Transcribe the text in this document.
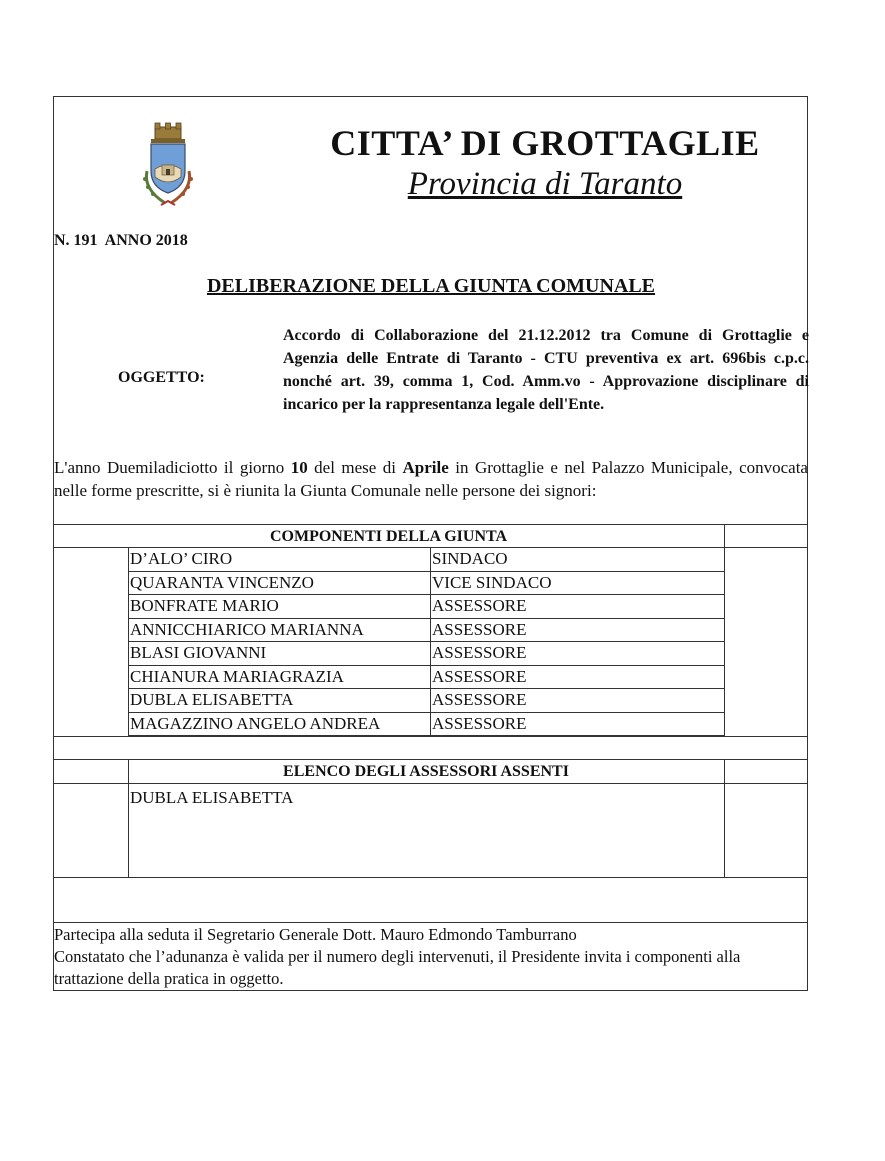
CITTA’ DI GROTTAGLIE
Provincia di Taranto
N. 191  ANNO 2018
DELIBERAZIONE DELLA GIUNTA COMUNALE
OGGETTO:
Accordo di Collaborazione del 21.12.2012 tra Comune di Grottaglie e Agenzia delle Entrate di Taranto - CTU preventiva ex art. 696bis c.p.c. nonché art. 39, comma 1, Cod. Amm.vo - Approvazione disciplinare di incarico per la rappresentanza legale dell'Ente.
L'anno Duemiladiciotto il giorno 10 del mese di Aprile in Grottaglie e nel Palazzo Municipale, convocata nelle forme prescritte, si è riunita la Giunta Comunale nelle persone dei signori:
COMPONENTI DELLA GIUNTA
D’ALO’ CIRO	SINDACO
QUARANTA VINCENZO	VICE SINDACO
BONFRATE MARIO	ASSESSORE
ANNICCHIARICO MARIANNA	ASSESSORE
BLASI GIOVANNI	ASSESSORE
CHIANURA MARIAGRAZIA	ASSESSORE
DUBLA ELISABETTA	ASSESSORE
MAGAZZINO ANGELO ANDREA	ASSESSORE
ELENCO DEGLI ASSESSORI ASSENTI
DUBLA ELISABETTA
Partecipa alla seduta il Segretario Generale Dott. Mauro Edmondo Tamburrano
Constatato che l’adunanza è valida per il numero degli intervenuti, il Presidente invita i componenti alla trattazione della pratica in oggetto.
